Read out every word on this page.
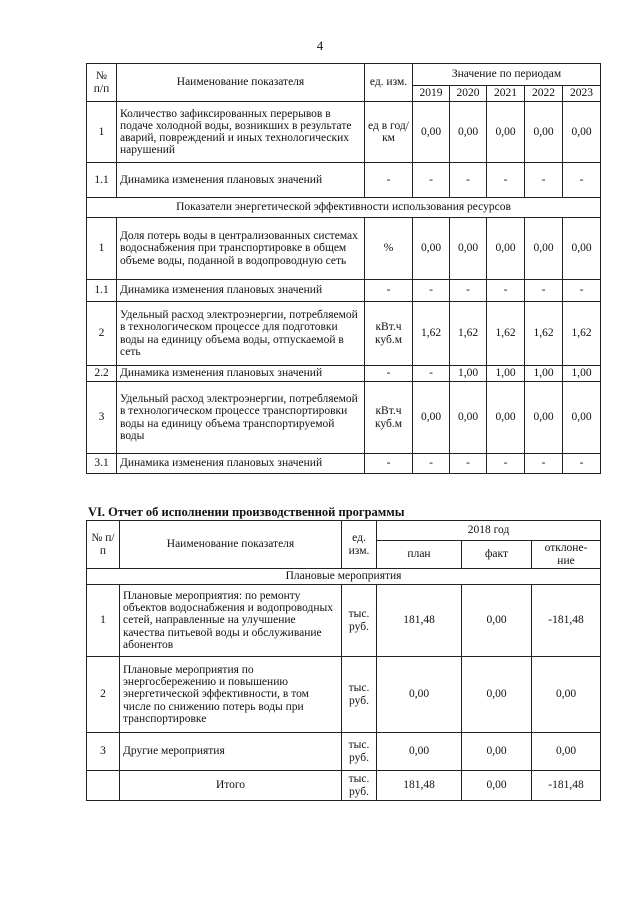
4
№ п/п	Наименование показателя	ед. изм.	Значение по периодам				
			2019	2020	2021	2022	2023
1	Количество зафиксированных перерывов в подаче холодной воды, возникших в результате аварий, повреждений и иных технологических нарушений	ед в год/ км	0,00	0,00	0,00	0,00	0,00
1.1	Динамика изменения плановых значений	-	-	-	-	-	-
Показатели энергетической эффективности использования ресурсов							
1	Доля потерь воды в централизованных системах водоснабжения при транспортировке в общем объеме воды, поданной в водопроводную сеть	%	0,00	0,00	0,00	0,00	0,00
1.1	Динамика изменения плановых значений	-	-	-	-	-	-
2	Удельный расход электроэнергии, потребляемой в технологическом процессе для подготовки воды на единицу объема воды, отпускаемой в сеть	кВт.ч куб.м	1,62	1,62	1,62	1,62	1,62
2.2	Динамика изменения плановых значений	-	-	1,00	1,00	1,00	1,00
3	Удельный расход электроэнергии, потребляемой в технологическом процессе транспортировки воды на единицу объема транспортируемой воды	кВт.ч куб.м	0,00	0,00	0,00	0,00	0,00
3.1	Динамика изменения плановых значений	-	-	-	-	-	-
VI. Отчет об исполнении производственной программы
№ п/п	Наименование показателя	ед. изм.	2018 год		
			план	факт	отклоне- ние
Плановые мероприятия					
1	Плановые мероприятия: по ремонту объектов водоснабжения и водопроводных сетей, направленные на улучшение качества питьевой воды и обслуживание абонентов	тыс. руб.	181,48	0,00	-181,48
2	Плановые мероприятия по энергосбережению и повышению энергетической эффективности, в том числе по снижению потерь воды при транспортировке	тыс. руб.	0,00	0,00	0,00
3	Другие мероприятия	тыс. руб.	0,00	0,00	0,00
	Итого	тыс. руб.	181,48	0,00	-181,48
